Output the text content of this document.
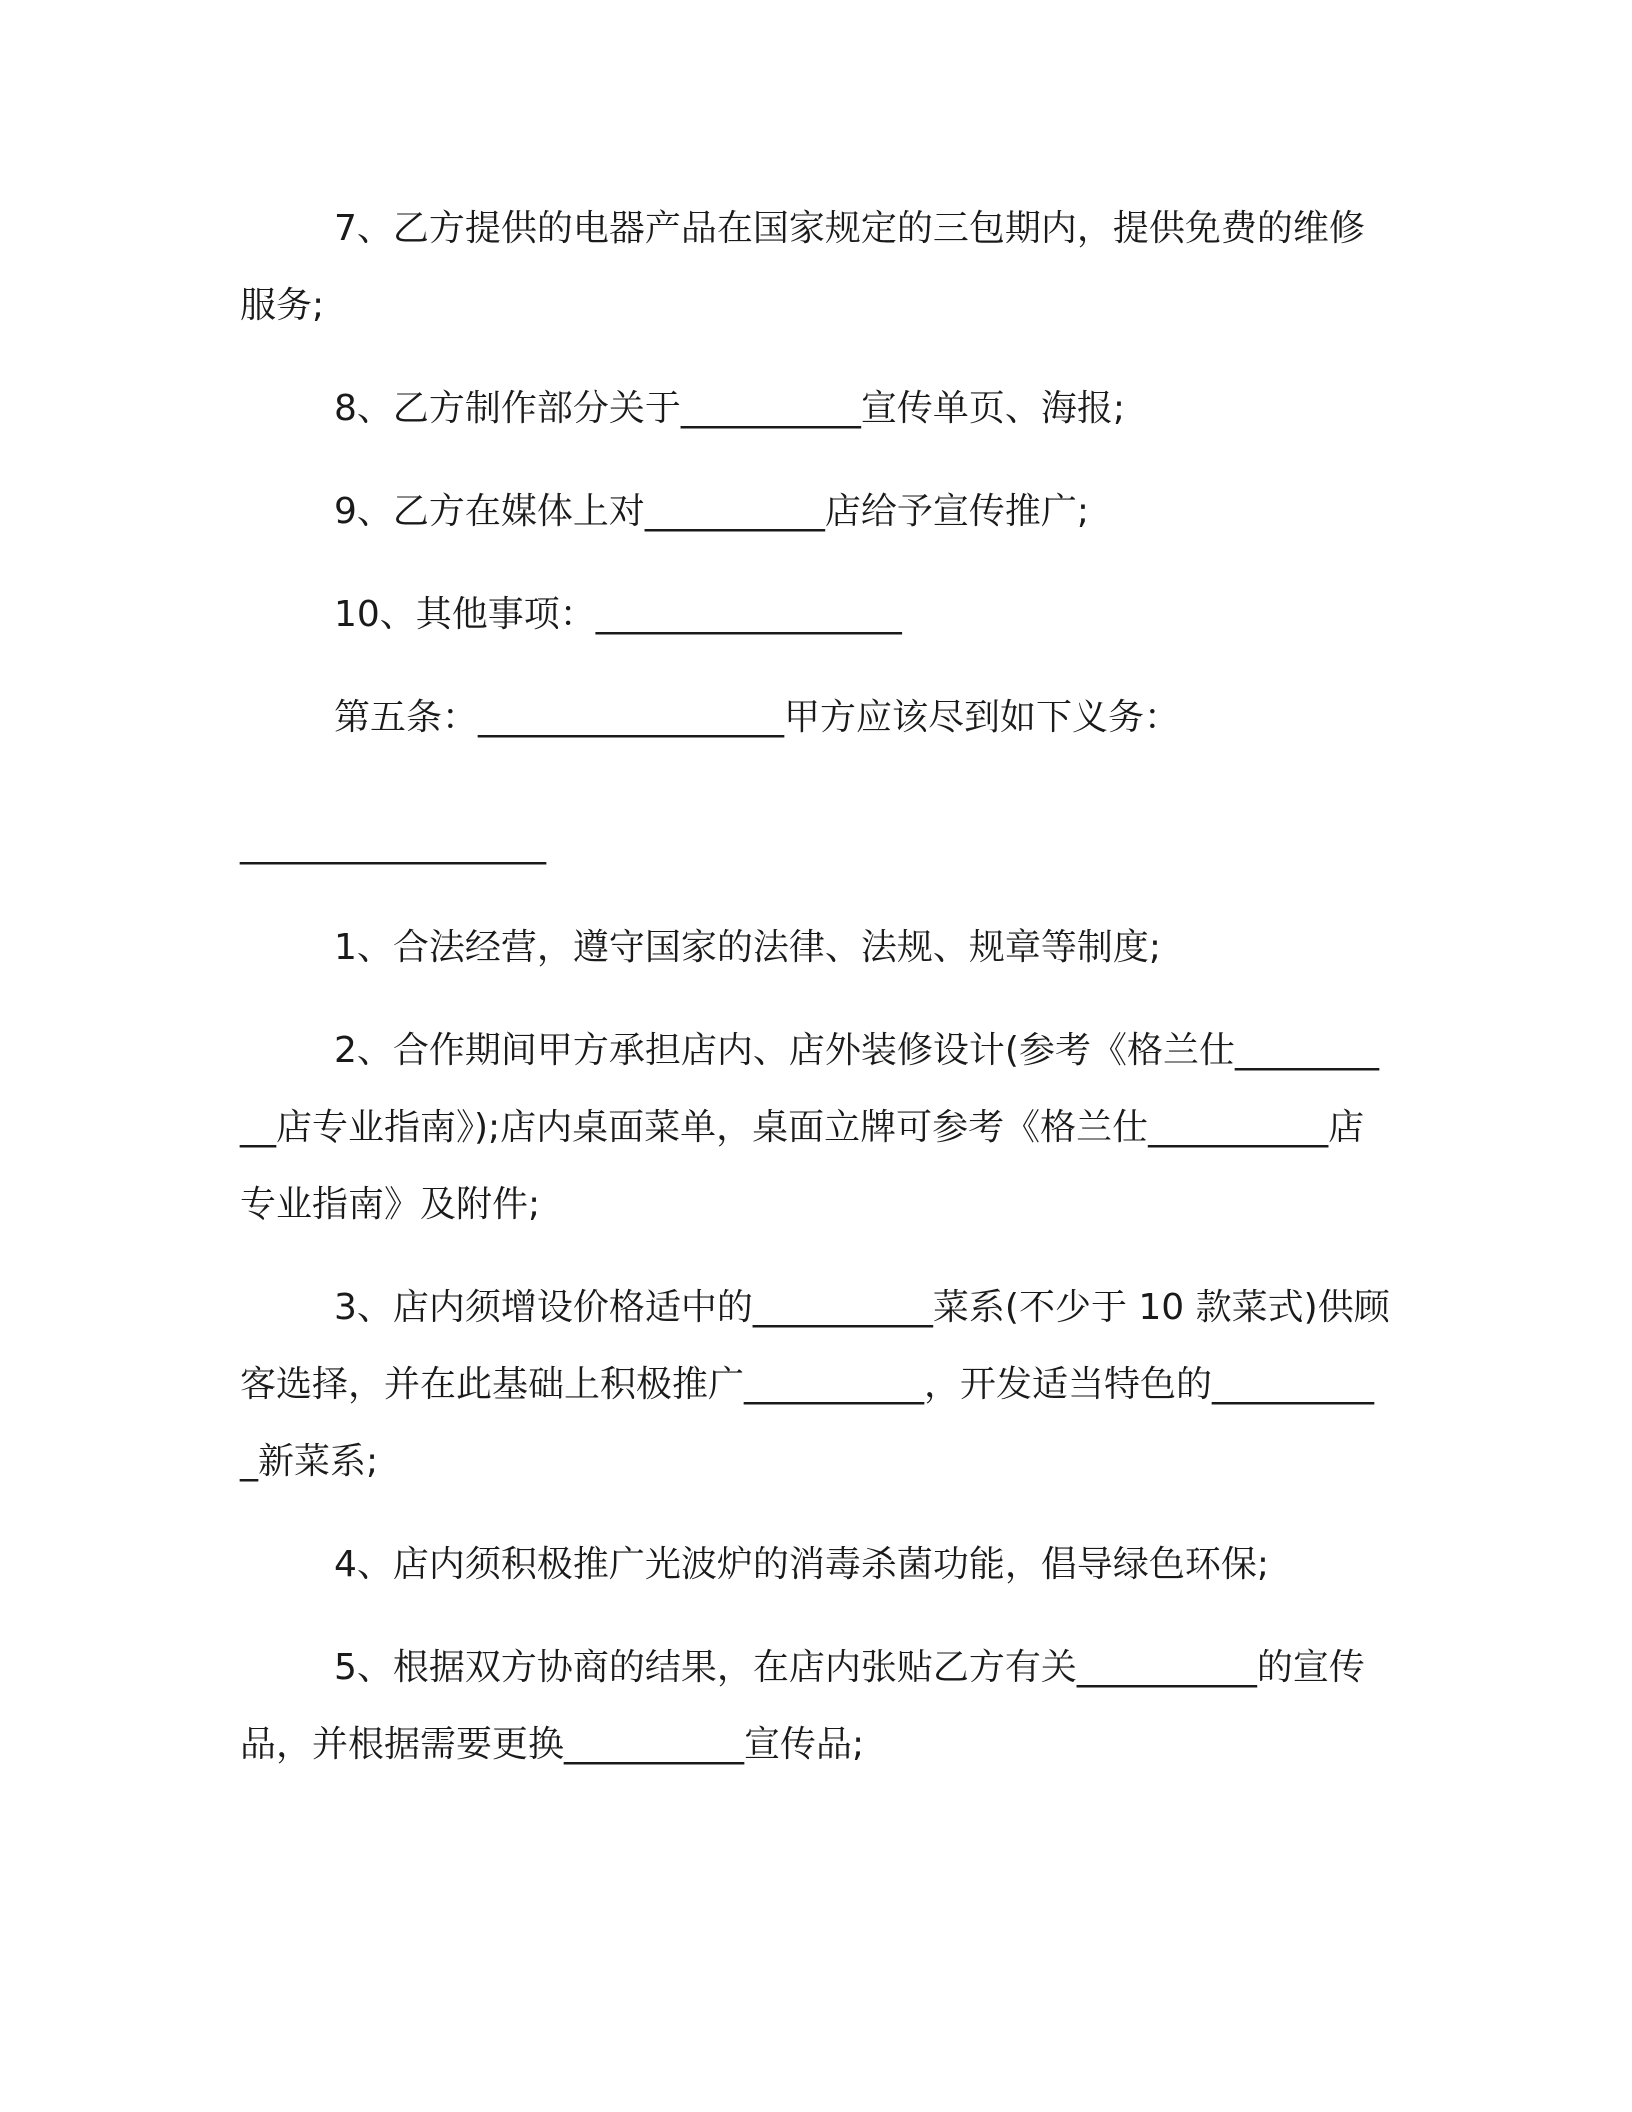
7、乙方提供的电器产品在国家规定的三包期内，提供免费的维修服务;

8、乙方制作部分关于__________宣传单页、海报;

9、乙方在媒体上对__________店给予宣传推广;

10、其他事项：_________________

第五条：_________________甲方应该尽到如下义务：

_________________

1、合法经营，遵守国家的法律、法规、规章等制度;

2、合作期间甲方承担店内、店外装修设计(参考《格兰仕__________店专业指南》);店内桌面菜单，桌面立牌可参考《格兰仕__________店专业指南》及附件;

3、店内须增设价格适中的__________菜系(不少于 10 款菜式)供顾客选择，并在此基础上积极推广__________，开发适当特色的__________新菜系;

4、店内须积极推广光波炉的消毒杀菌功能，倡导绿色环保;

5、根据双方协商的结果，在店内张贴乙方有关__________的宣传品，并根据需要更换__________宣传品;
